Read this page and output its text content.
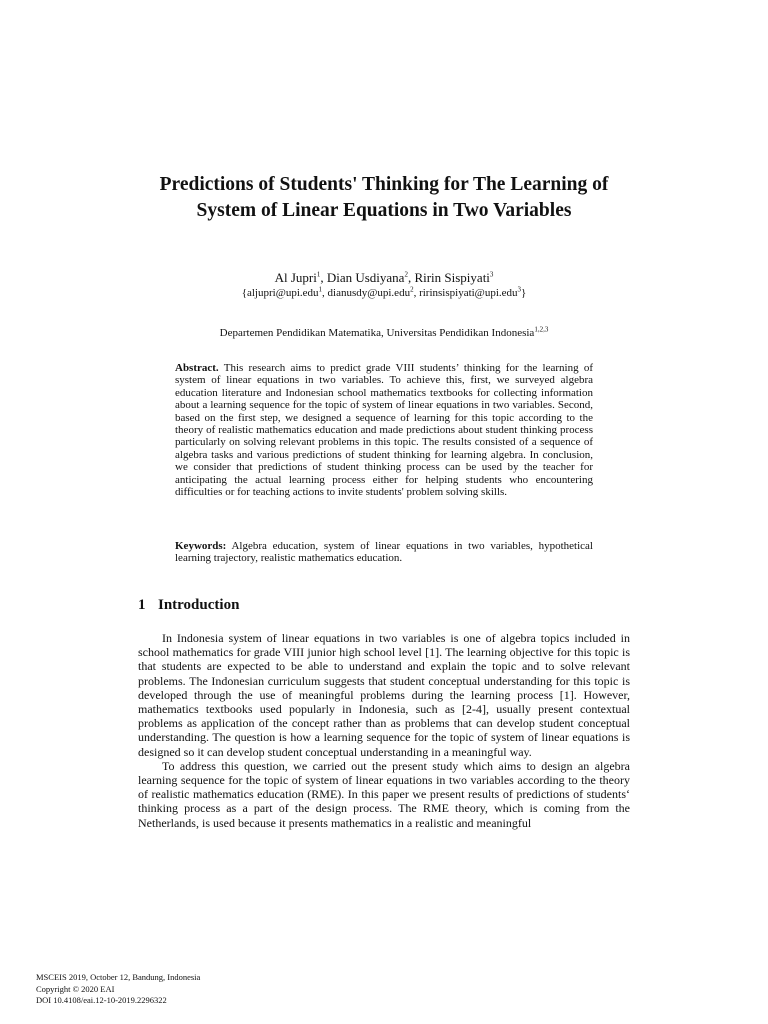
Predictions of Students' Thinking for The Learning of
System of Linear Equations in Two Variables
Al Jupri$^1$, Dian Usdiyana$^2$, Ririn Sispiyati$^3$
{aljupri@upi.edu$^1$, dianusdy@upi.edu$^2$, ririnsispiyati@upi.edu$^3$}
Departemen Pendidikan Matematika, Universitas Pendidikan Indonesia$^{1,2,3}$

Abstract. This research aims to predict grade VIII students’ thinking for the learning of system of linear equations in two variables. To achieve this, first, we surveyed algebra education literature and Indonesian school mathematics textbooks for collecting information about a learning sequence for the topic of system of linear equations in two variables. Second, based on the first step, we designed a sequence of learning for this topic according to the theory of realistic mathematics education and made predictions about student thinking process particularly on solving relevant problems in this topic. The results consisted of a sequence of algebra tasks and various predictions of student thinking for learning algebra. In conclusion, we consider that predictions of student thinking process can be used by the teacher for anticipating the actual learning process either for helping students who encountering difficulties or for teaching actions to invite students' problem solving skills.

Keywords: Algebra education, system of linear equations in two variables, hypothetical learning trajectory, realistic mathematics education.

1 Introduction

In Indonesia system of linear equations in two variables is one of algebra topics included in school mathematics for grade VIII junior high school level [1]. The learning objective for this topic is that students are expected to be able to understand and explain the topic and to solve relevant problems. The Indonesian curriculum suggests that student conceptual understanding for this topic is developed through the use of meaningful problems during the learning process [1]. However, mathematics textbooks used popularly in Indonesia, such as [2-4], usually present contextual problems as application of the concept rather than as problems that can develop student conceptual understanding. The question is how a learning sequence for the topic of system of linear equations is designed so it can develop student conceptual understanding in a meaningful way.

To address this question, we carried out the present study which aims to design an algebra learning sequence for the topic of system of linear equations in two variables according to the theory of realistic mathematics education (RME). In this paper we present results of predictions of students‘ thinking process as a part of the design process. The RME theory, which is coming from the Netherlands, is used because it presents mathematics in a realistic and meaningful

MSCEIS 2019, October 12, Bandung, Indonesia
Copyright © 2020 EAI
DOI 10.4108/eai.12-10-2019.2296322
